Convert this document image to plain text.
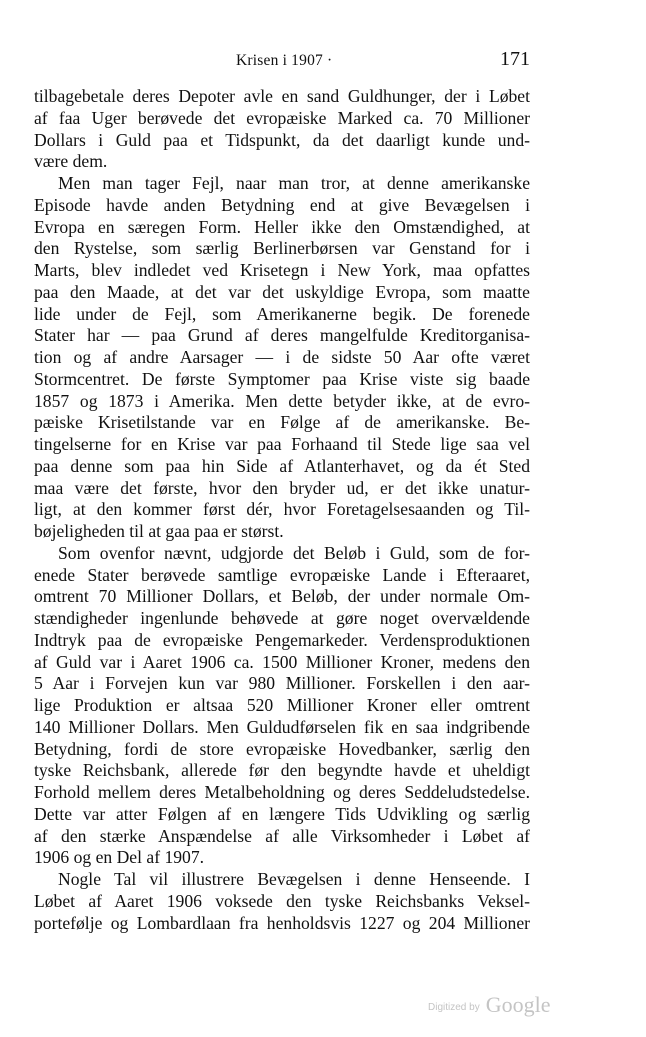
Krisen i 1907 ·	171
tilbagebetale deres Depoter avle en sand Guldhunger, der i Løbet
af faa Uger berøvede det evropæiske Marked ca. 70 Millioner
Dollars i Guld paa et Tidspunkt, da det daarligt kunde und-
være dem.
Men man tager Fejl, naar man tror, at denne amerikanske
Episode havde anden Betydning end at give Bevægelsen i
Evropa en særegen Form. Heller ikke den Omstændighed, at
den Rystelse, som særlig Berlinerbørsen var Genstand for i
Marts, blev indledet ved Krisetegn i New York, maa opfattes
paa den Maade, at det var det uskyldige Evropa, som maatte
lide under de Fejl, som Amerikanerne begik. De forenede
Stater har — paa Grund af deres mangelfulde Kreditorganisa-
tion og af andre Aarsager — i de sidste 50 Aar ofte været
Stormcentret. De første Symptomer paa Krise viste sig baade
1857 og 1873 i Amerika. Men dette betyder ikke, at de evro-
pæiske Krisetilstande var en Følge af de amerikanske. Be-
tingelserne for en Krise var paa Forhaand til Stede lige saa vel
paa denne som paa hin Side af Atlanterhavet, og da ét Sted
maa være det første, hvor den bryder ud, er det ikke unatur-
ligt, at den kommer først dér, hvor Foretagelsesaanden og Til-
bøjeligheden til at gaa paa er størst.
Som ovenfor nævnt, udgjorde det Beløb i Guld, som de for-
enede Stater berøvede samtlige evropæiske Lande i Efteraaret,
omtrent 70 Millioner Dollars, et Beløb, der under normale Om-
stændigheder ingenlunde behøvede at gøre noget overvældende
Indtryk paa de evropæiske Pengemarkeder. Verdensproduktionen
af Guld var i Aaret 1906 ca. 1500 Millioner Kroner, medens den
5 Aar i Forvejen kun var 980 Millioner. Forskellen i den aar-
lige Produktion er altsaa 520 Millioner Kroner eller omtrent
140 Millioner Dollars. Men Guldudførselen fik en saa indgribende
Betydning, fordi de store evropæiske Hovedbanker, særlig den
tyske Reichsbank, allerede før den begyndte havde et uheldigt
Forhold mellem deres Metalbeholdning og deres Seddeludstedelse.
Dette var atter Følgen af en længere Tids Udvikling og særlig
af den stærke Anspændelse af alle Virksomheder i Løbet af
1906 og en Del af 1907.
Nogle Tal vil illustrere Bevægelsen i denne Henseende. I
Løbet af Aaret 1906 voksede den tyske Reichsbanks Veksel-
portefølje og Lombardlaan fra henholdsvis 1227 og 204 Millioner
Digitized by Google
